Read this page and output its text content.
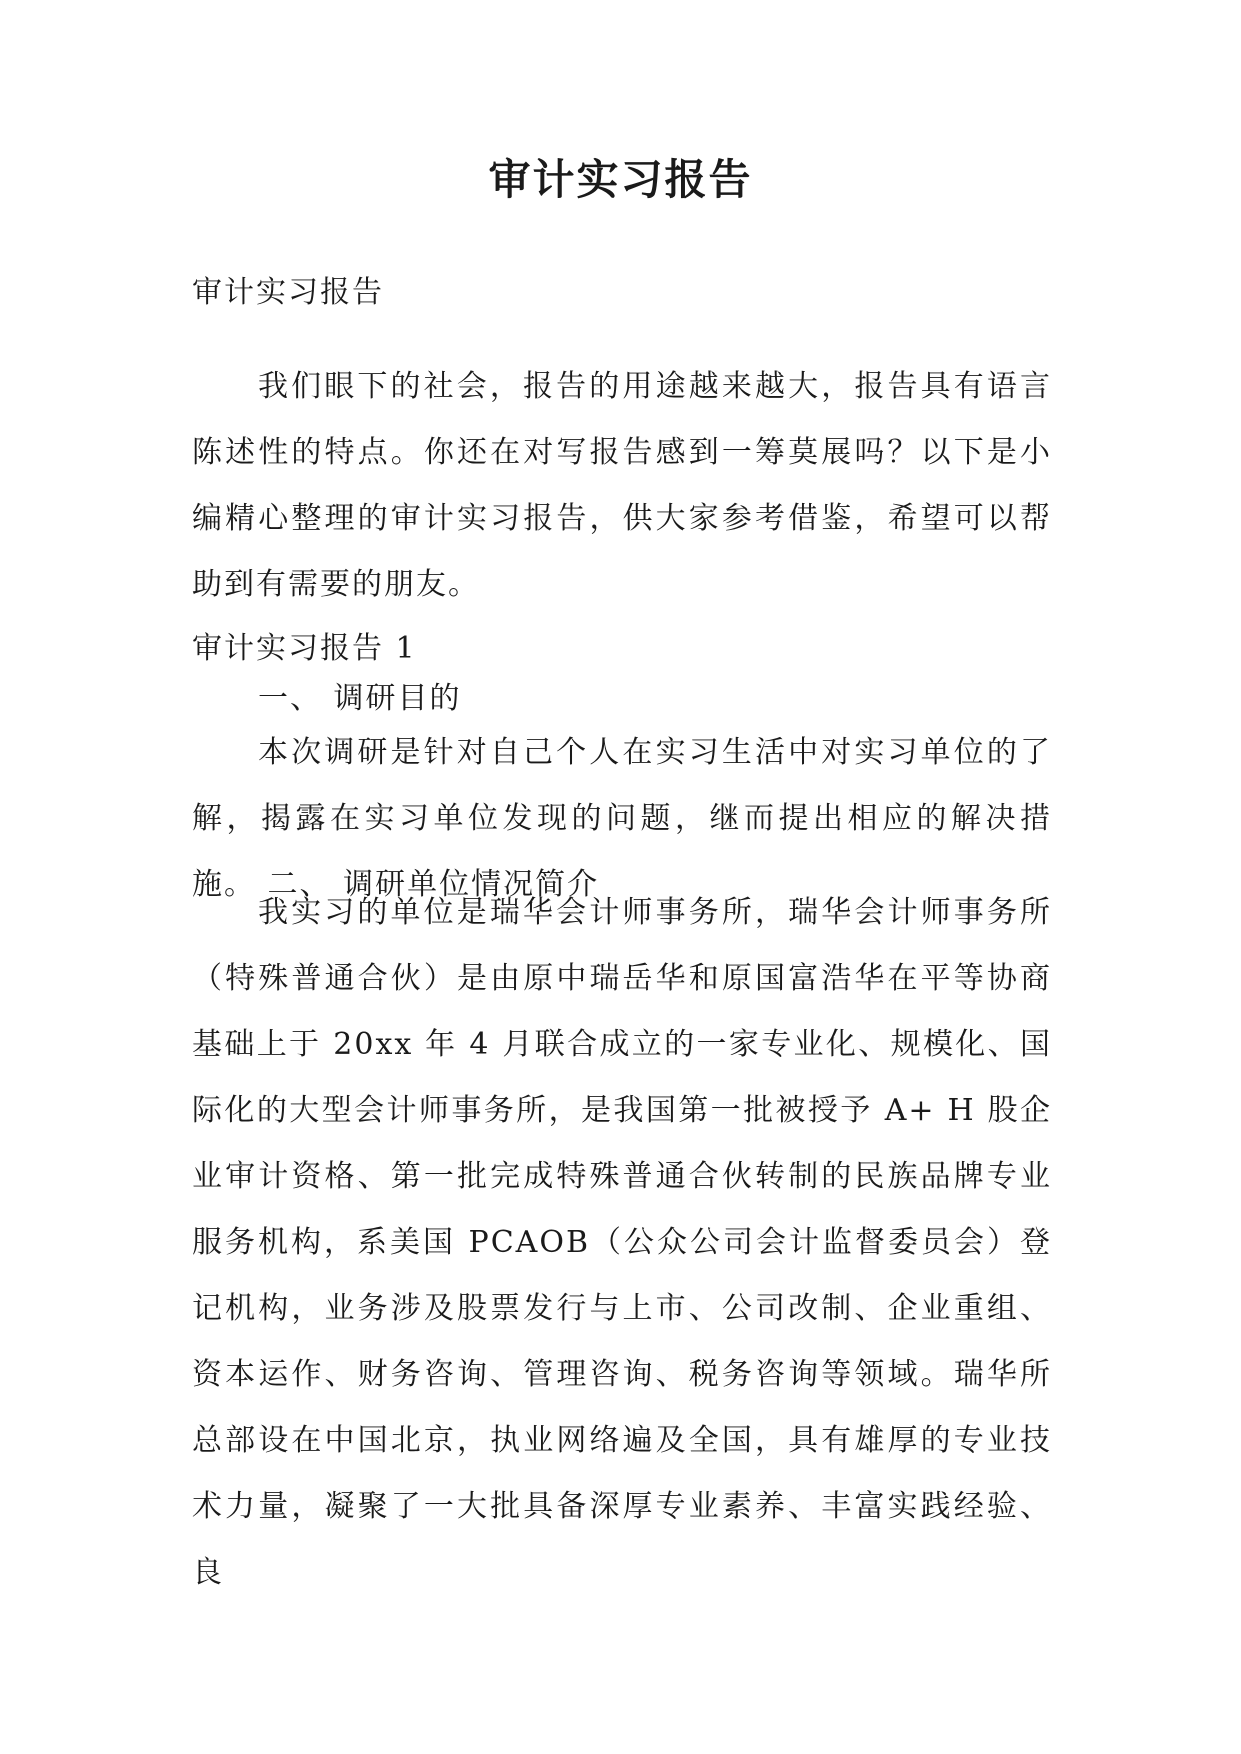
审计实习报告

审计实习报告

我们眼下的社会，报告的用途越来越大，报告具有语言陈述性的特点。你还在对写报告感到一筹莫展吗？以下是小编精心整理的审计实习报告，供大家参考借鉴，希望可以帮助到有需要的朋友。

审计实习报告 1

一、 调研目的

本次调研是针对自己个人在实习生活中对实习单位的了解，揭露在实习单位发现的问题，继而提出相应的解决措施。 二、 调研单位情况简介

我实习的单位是瑞华会计师事务所，瑞华会计师事务所（特殊普通合伙）是由原中瑞岳华和原国富浩华在平等协商基础上于 20xx 年 4 月联合成立的一家专业化、规模化、国际化的大型会计师事务所，是我国第一批被授予 A+ H 股企业审计资格、第一批完成特殊普通合伙转制的民族品牌专业服务机构，系美国 PCAOB（公众公司会计监督委员会）登记机构，业务涉及股票发行与上市、公司改制、企业重组、资本运作、财务咨询、管理咨询、税务咨询等领域。瑞华所总部设在中国北京，执业网络遍及全国，具有雄厚的专业技术力量，凝聚了一大批具备深厚专业素养、丰富实践经验、良
